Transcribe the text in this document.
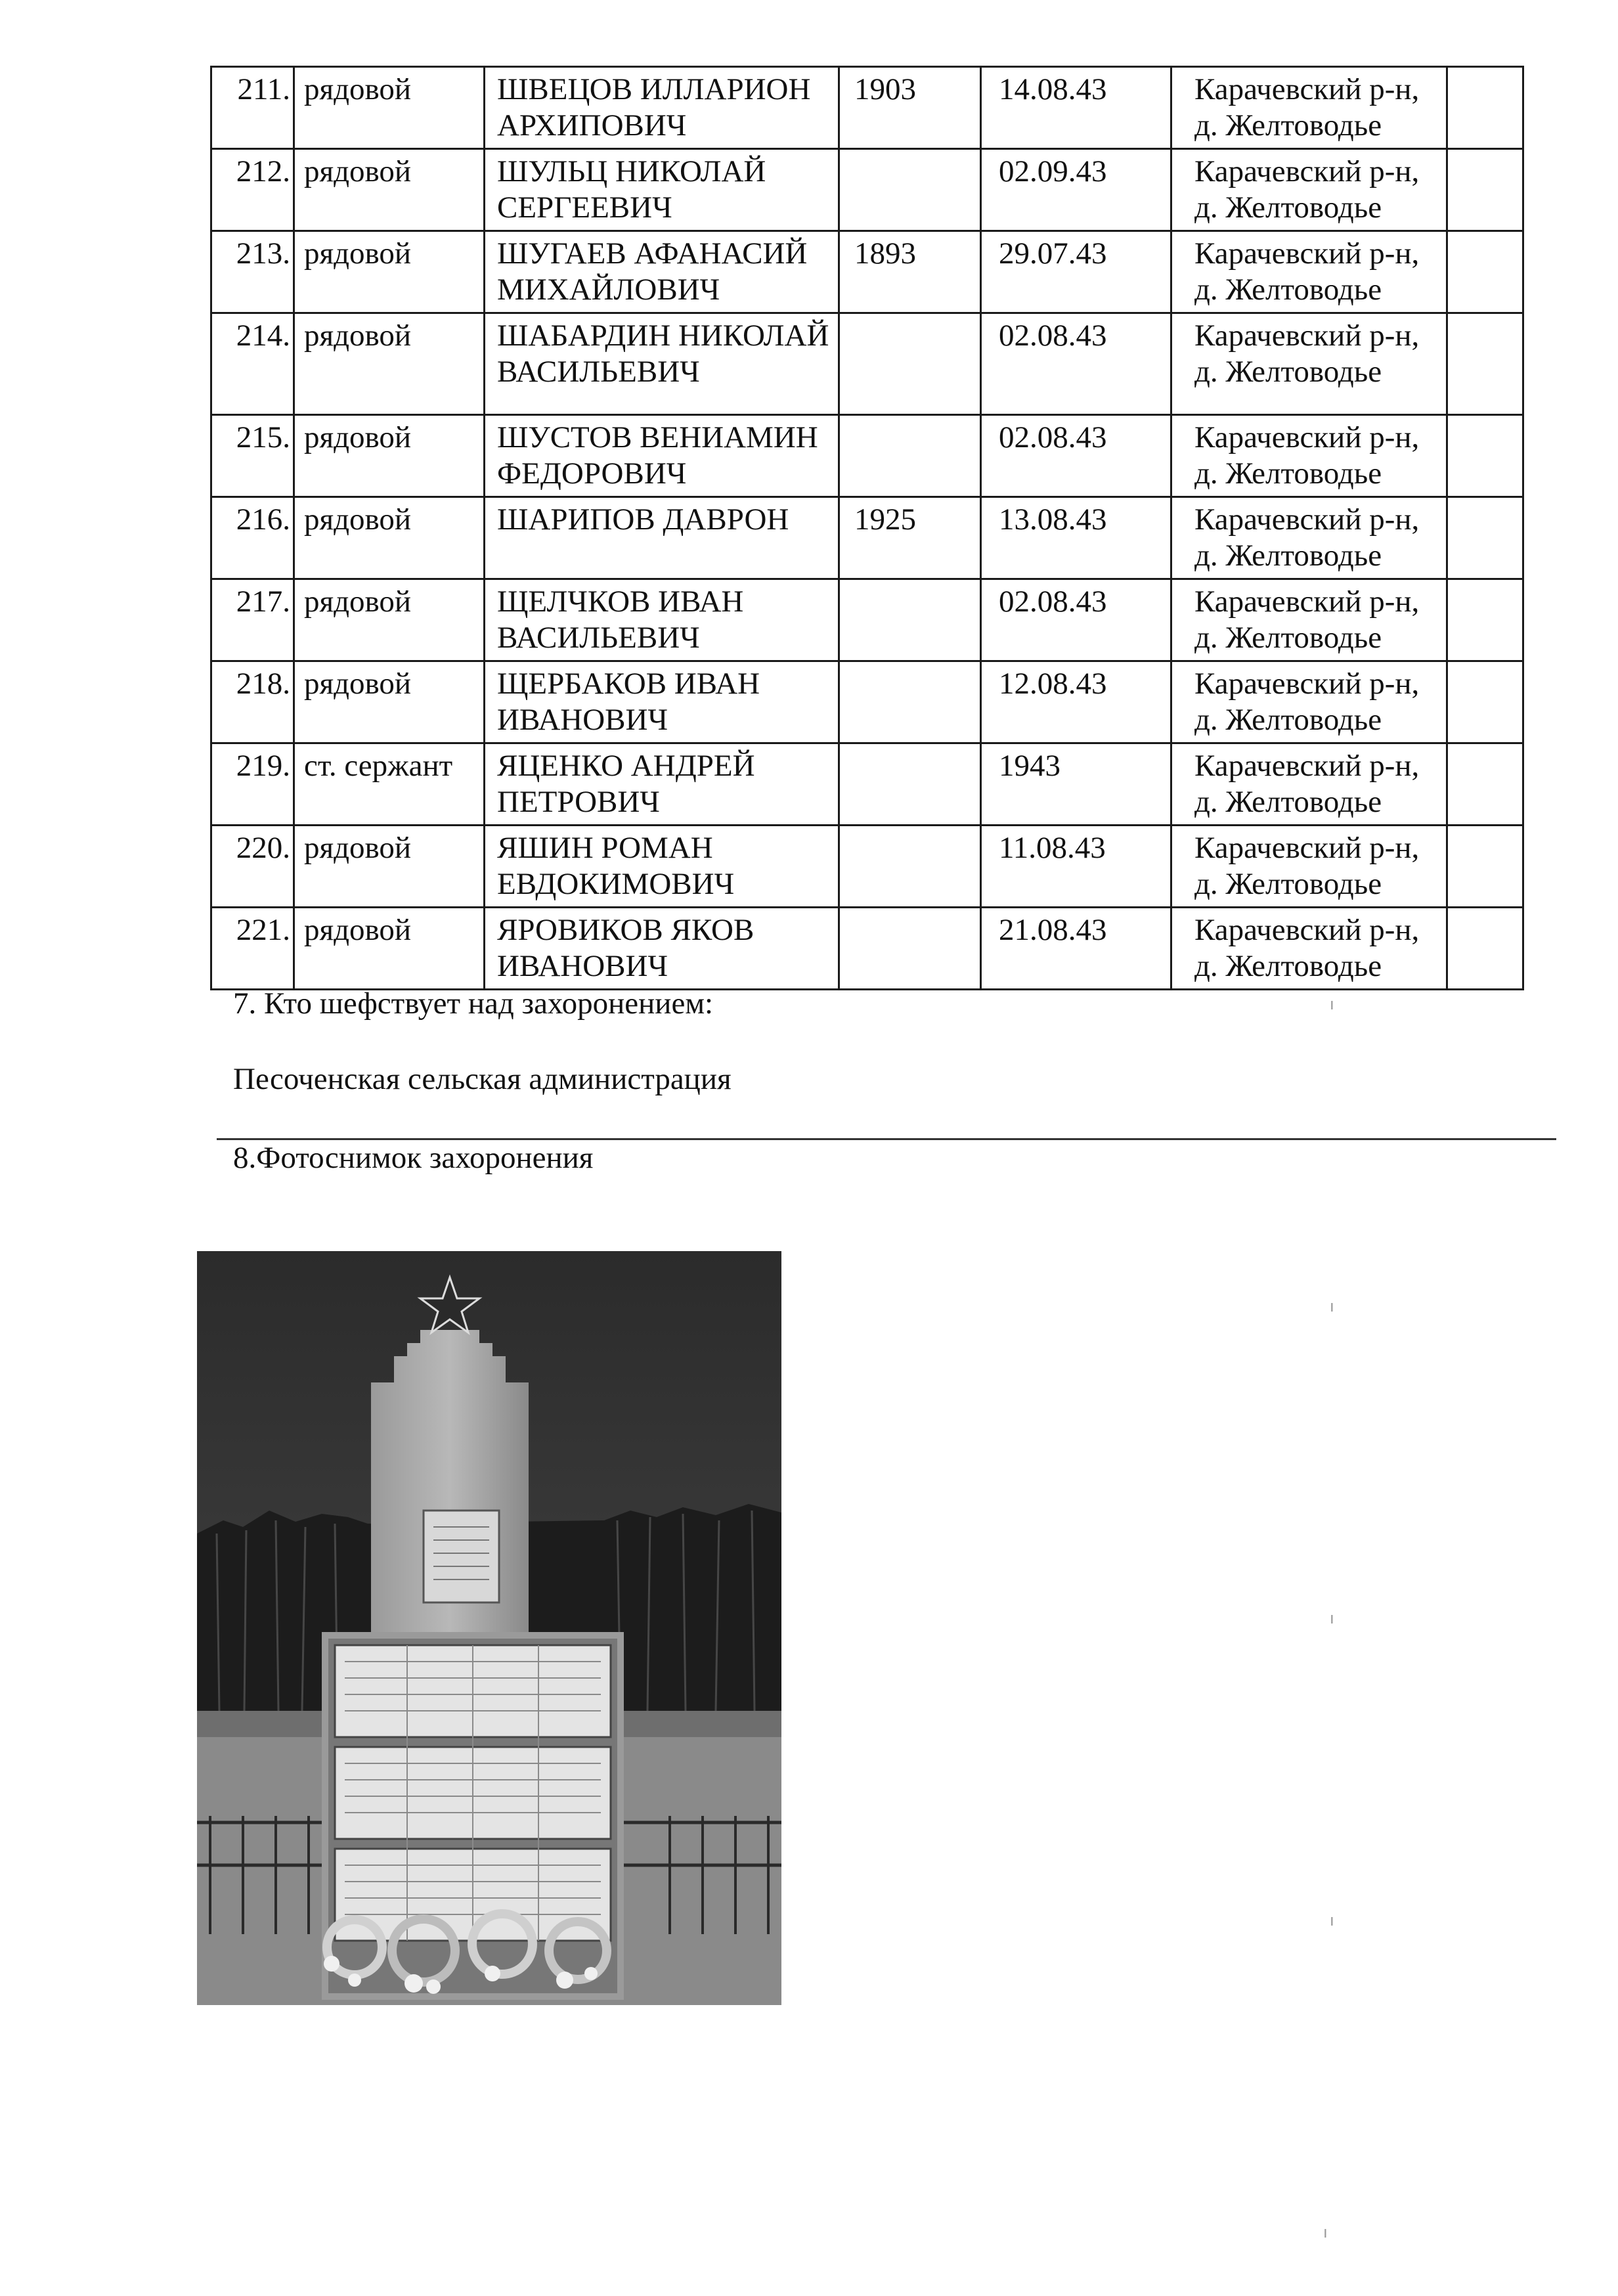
211.	рядовой	ШВЕЦОВ ИЛЛАРИОН АРХИПОВИЧ	1903	14.08.43	Карачевский р-н, д. Желтоводье	
212.	рядовой	ШУЛЬЦ НИКОЛАЙ СЕРГЕЕВИЧ		02.09.43	Карачевский р-н, д. Желтоводье	
213.	рядовой	ШУГАЕВ АФАНАСИЙ МИХАЙЛОВИЧ	1893	29.07.43	Карачевский р-н, д. Желтоводье	
214.	рядовой	ШАБАРДИН НИКОЛАЙ ВАСИЛЬЕВИЧ		02.08.43	Карачевский р-н, д. Желтоводье	
215.	рядовой	ШУСТОВ ВЕНИАМИН ФЕДОРОВИЧ		02.08.43	Карачевский р-н, д. Желтоводье	
216.	рядовой	ШАРИПОВ ДАВРОН	1925	13.08.43	Карачевский р-н, д. Желтоводье	
217.	рядовой	ЩЕЛЧКОВ ИВАН ВАСИЛЬЕВИЧ		02.08.43	Карачевский р-н, д. Желтоводье	
218.	рядовой	ЩЕРБАКОВ ИВАН ИВАНОВИЧ		12.08.43	Карачевский р-н, д. Желтоводье	
219.	ст. сержант	ЯЦЕНКО АНДРЕЙ ПЕТРОВИЧ		1943	Карачевский р-н, д. Желтоводье	
220.	рядовой	ЯШИН РОМАН ЕВДОКИМОВИЧ		11.08.43	Карачевский р-н, д. Желтоводье	
221.	рядовой	ЯРОВИКОВ ЯКОВ ИВАНОВИЧ		21.08.43	Карачевский р-н, д. Желтоводье	
7. Кто шефствует над захоронением:
Песоченская сельская администрация
8.Фотоснимок захоронения
ı
ı
ı
ı
ı
